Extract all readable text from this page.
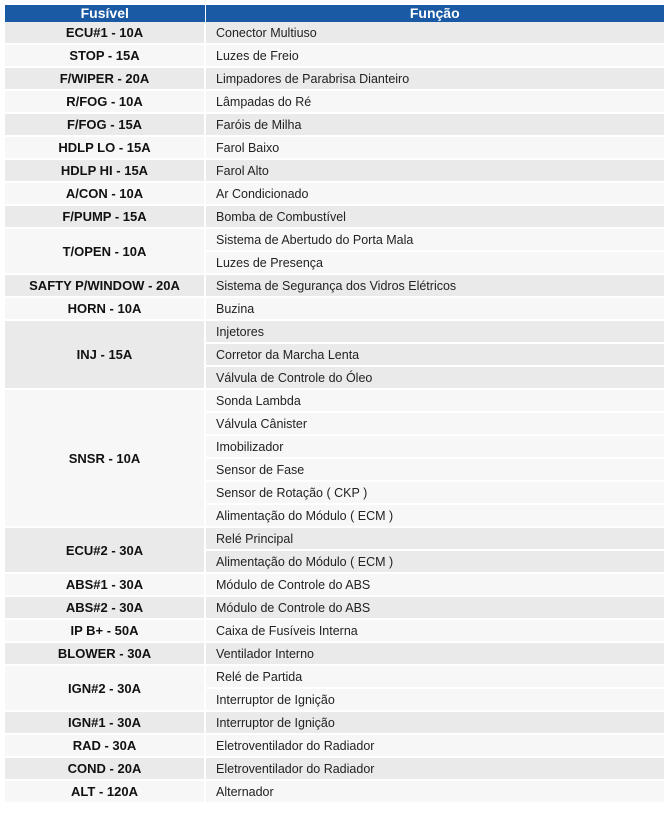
Fusível	Função
ECU#1 - 10A	Conector Multiuso
STOP - 15A	Luzes de Freio
F/WIPER - 20A	Limpadores de Parabrisa Dianteiro
R/FOG - 10A	Lâmpadas do Ré
F/FOG - 15A	Faróis de Milha
HDLP LO - 15A	Farol Baixo
HDLP HI - 15A	Farol Alto
A/CON - 10A	Ar Condicionado
F/PUMP - 15A	Bomba de Combustível
T/OPEN - 10A	Sistema de Abertudo do Porta Mala
	Luzes de Presença
SAFTY P/WINDOW - 20A	Sistema de Segurança dos Vidros Elétricos
HORN - 10A	Buzina
INJ - 15A	Injetores
	Corretor da Marcha Lenta
	Válvula de Controle do Óleo
SNSR - 10A	Sonda Lambda
	Válvula Cânister
	Imobilizador
	Sensor de Fase
	Sensor de Rotação ( CKP )
	Alimentação do Módulo ( ECM )
ECU#2 - 30A	Relé Principal
	Alimentação do Módulo ( ECM )
ABS#1 - 30A	Módulo de Controle do ABS
ABS#2 - 30A	Módulo de Controle do ABS
IP B+ - 50A	Caixa de Fusíveis Interna
BLOWER - 30A	Ventilador Interno
IGN#2 - 30A	Relé de Partida
	Interruptor de Ignição
IGN#1 - 30A	Interruptor de Ignição
RAD - 30A	Eletroventilador do Radiador
COND - 20A	Eletroventilador do Radiador
ALT - 120A	Alternador
